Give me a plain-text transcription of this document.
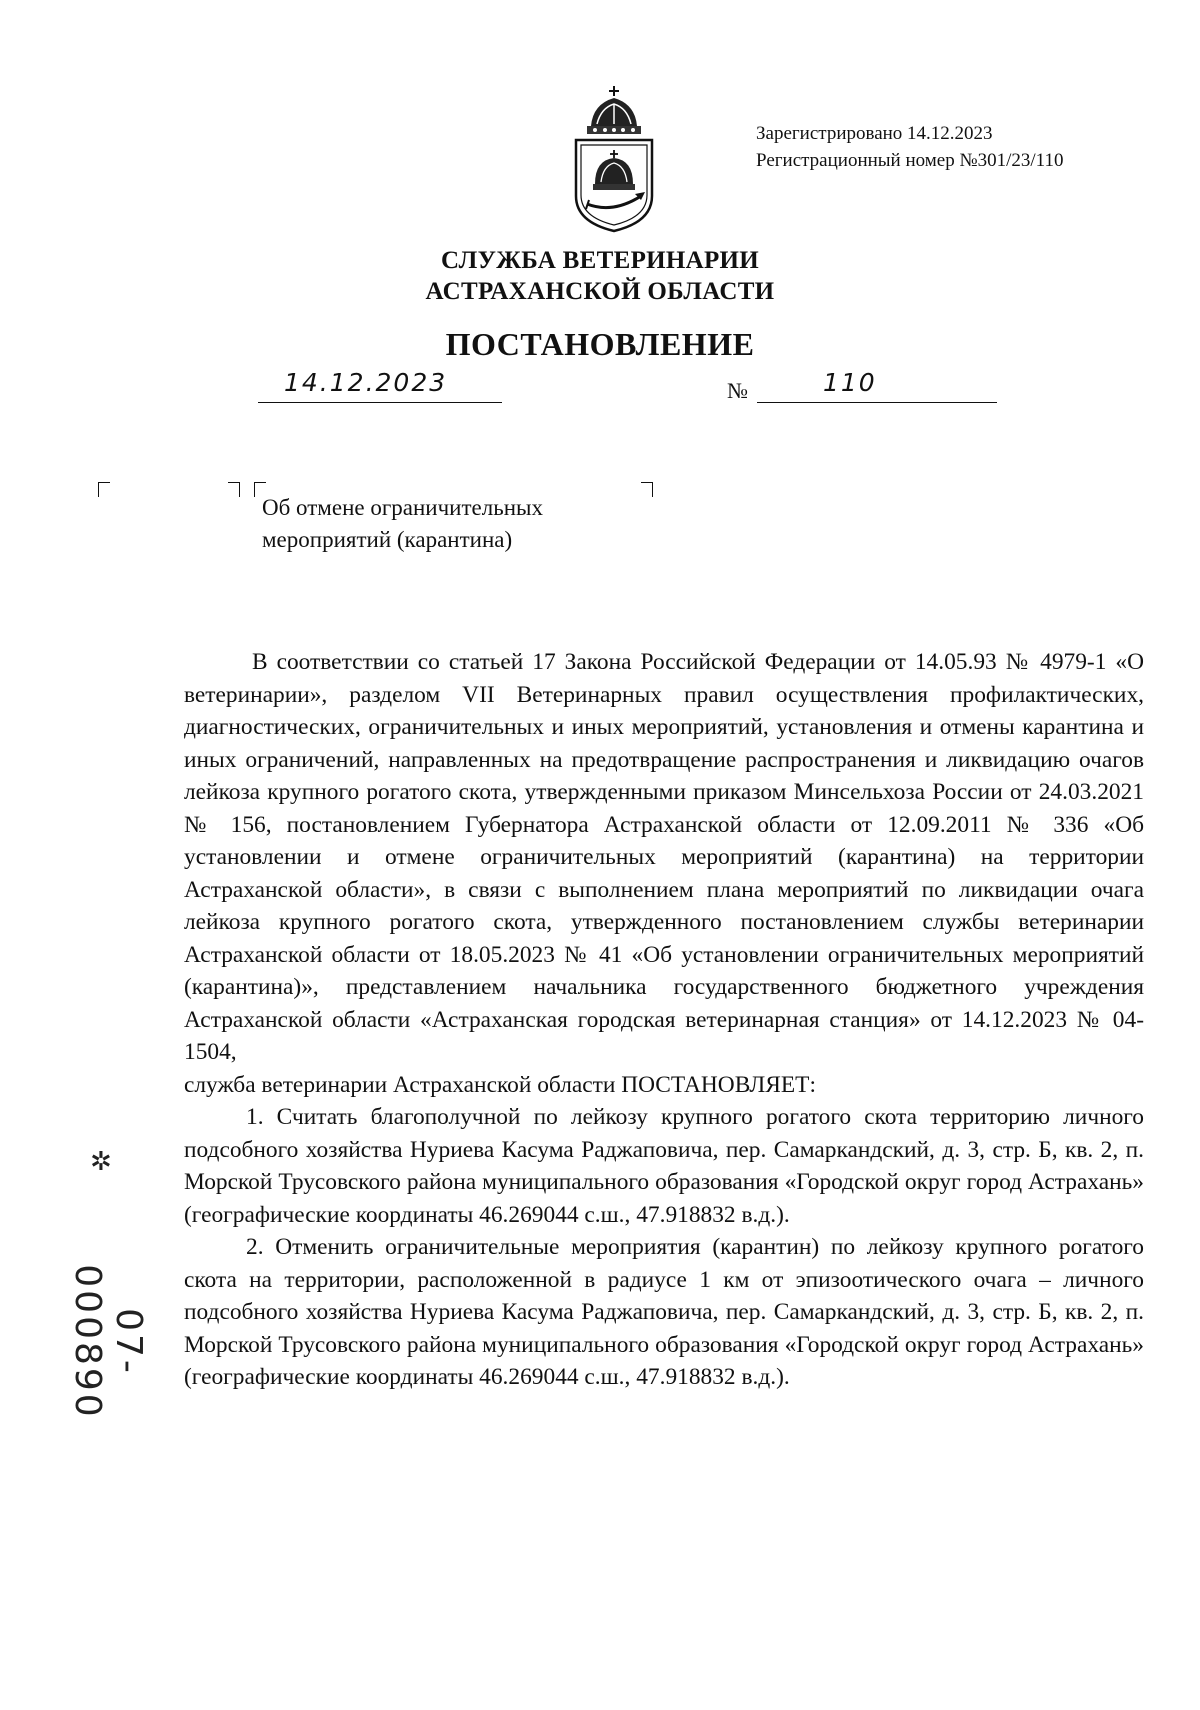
Зарегистрировано 14.12.2023
Регистрационный номер №301/23/110
СЛУЖБА ВЕТЕРИНАРИИ
АСТРАХАНСКОЙ ОБЛАСТИ
ПОСТАНОВЛЕНИЕ
14.12.2023	№	110
Об отмене ограничительных
мероприятий (карантина)

В соответствии со статьей 17 Закона Российской Федерации от 14.05.93 № 4979-1 «О ветеринарии», разделом VII Ветеринарных правил осуществления профилактических, диагностических, ограничительных и иных мероприятий, установления и отмены карантина и иных ограничений, направленных на предотвращение распространения и ликвидацию очагов лейкоза крупного рогатого скота, утвержденными приказом Минсельхоза России от 24.03.2021 № 156, постановлением Губернатора Астраханской области от 12.09.2011 № 336 «Об установлении и отмене ограничительных мероприятий (карантина) на территории Астраханской области», в связи с выполнением плана мероприятий по ликвидации очага лейкоза крупного рогатого скота, утвержденного постановлением службы ветеринарии Астраханской области от 18.05.2023 № 41 «Об установлении ограничительных мероприятий (карантина)», представлением начальника государственного бюджетного учреждения Астраханской области «Астраханская городская ветеринарная станция» от 14.12.2023 № 04-1504,

служба ветеринарии Астраханской области ПОСТАНОВЛЯЕТ:

1. Считать благополучной по лейкозу крупного рогатого скота территорию личного подсобного хозяйства Нуриева Касума Раджаповича, пер. Самаркандский, д. 3, стр. Б, кв. 2, п. Морской Трусовского района муниципального образования «Городской округ город Астрахань» (географические координаты 46.269044 с.ш., 47.918832 в.д.).

2. Отменить ограничительные мероприятия (карантин) по лейкозу крупного рогатого скота на территории, расположенной в радиусе 1 км от эпизоотического очага – личного подсобного хозяйства Нуриева Касума Раджаповича, пер. Самаркандский, д. 3, стр. Б, кв. 2, п. Морской Трусовского района муниципального образования «Городской округ город Астрахань» (географические координаты 46.269044 с.ш., 47.918832 в.д.).

✲
07- 000890
